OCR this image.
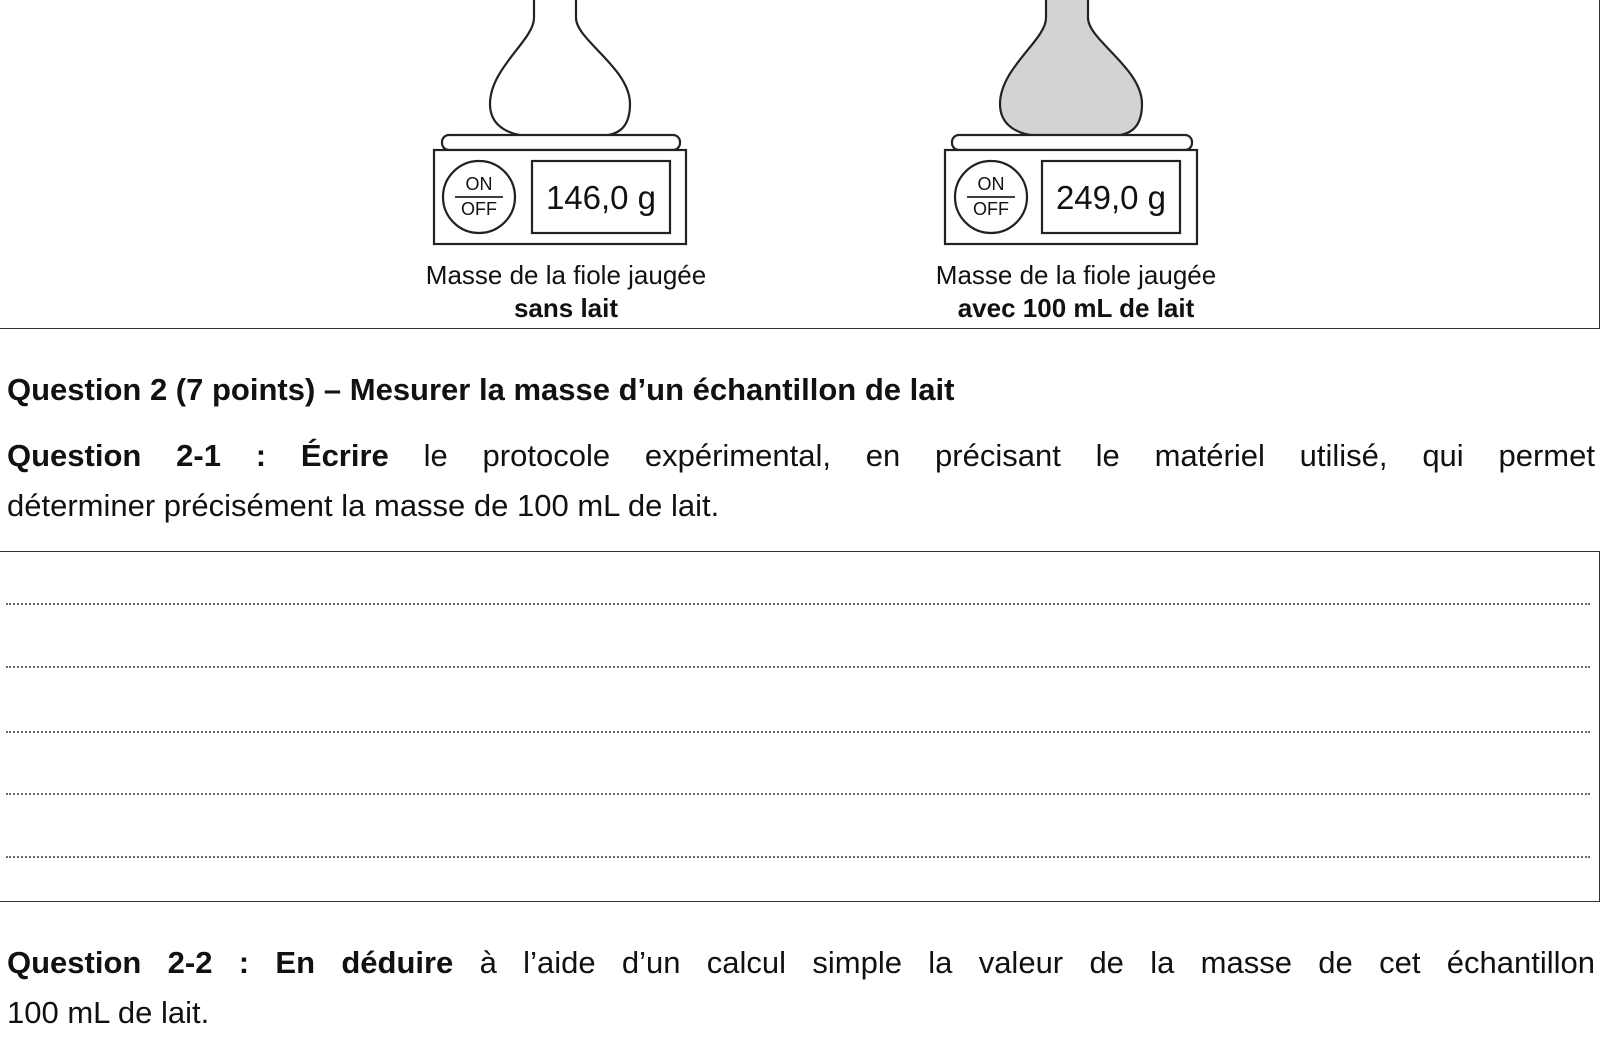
ON
OFF 146,0 g	ON
OFF 249,0 g
Masse de la fiole jaugée
sans lait
Masse de la fiole jaugée
avec 100 mL de lait
Question 2 (7 points) – Mesurer la masse d’un échantillon de lait

Question 2-1 : Écrire le protocole expérimental, en précisant le matériel utilisé, qui permet
déterminer précisément la masse de 100 mL de lait.

Question 2-2 : En déduire à l’aide d’un calcul simple la valeur de la masse de cet échantillon
100 mL de lait.
